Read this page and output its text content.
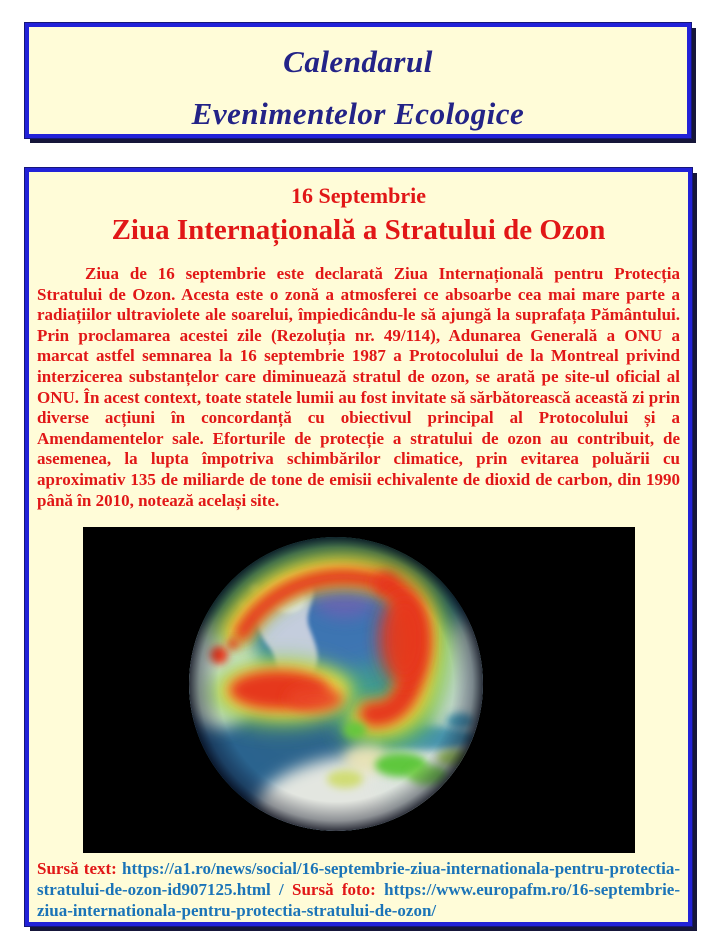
Calendarul
Evenimentelor Ecologice
16 Septembrie
Ziua Internațională a Stratului de Ozon

Ziua de 16 septembrie este declarată Ziua Internațională pentru Protecția Stratului de Ozon. Acesta este o zonă a atmosferei ce absoarbe cea mai mare parte a radiațiilor ultraviolete ale soarelui, împiedicându-le să ajungă la suprafața Pământului. Prin proclamarea acestei zile (Rezoluția nr. 49/114), Adunarea Generală a ONU a marcat astfel semnarea la 16 septembrie 1987 a Protocolului de la Montreal privind interzicerea substanțelor care diminuează stratul de ozon, se arată pe site-ul oficial al ONU. În acest context, toate statele lumii au fost invitate să sărbătorească această zi prin diverse acțiuni în concordanță cu obiectivul principal al Protocolului și a Amendamentelor sale. Eforturile de protecție a stratului de ozon au contribuit, de asemenea, la lupta împotriva schimbărilor climatice, prin evitarea poluării cu aproximativ 135 de miliarde de tone de emisii echivalente de dioxid de carbon, din 1990 până în 2010, notează același site.

Sursă text: https://a1.ro/news/social/16-septembrie-ziua-internationala-pentru-protectia-stratului-de-ozon-id907125.html / Sursă foto: https://www.europafm.ro/16-septembrie-ziua-internationala-pentru-protectia-stratului-de-ozon/
